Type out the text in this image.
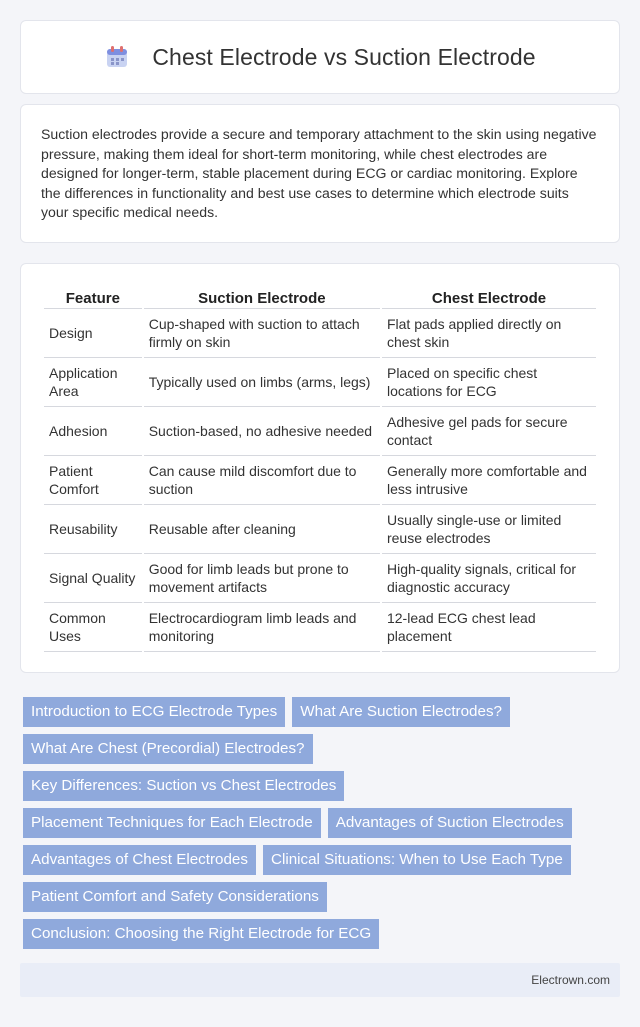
Chest Electrode vs Suction Electrode

Suction electrodes provide a secure and temporary attachment to the skin using negative pressure, making them ideal for short-term monitoring, while chest electrodes are designed for longer-term, stable placement during ECG or cardiac monitoring. Explore the differences in functionality and best use cases to determine which electrode suits your specific medical needs.

Feature	Suction Electrode	Chest Electrode
Design	Cup-shaped with suction to attach firmly on skin	Flat pads applied directly on chest skin
Application Area	Typically used on limbs (arms, legs)	Placed on specific chest locations for ECG
Adhesion	Suction-based, no adhesive needed	Adhesive gel pads for secure contact
Patient Comfort	Can cause mild discomfort due to suction	Generally more comfortable and less intrusive
Reusability	Reusable after cleaning	Usually single-use or limited reuse electrodes
Signal Quality	Good for limb leads but prone to movement artifacts	High-quality signals, critical for diagnostic accuracy
Common Uses	Electrocardiogram limb leads and monitoring	12-lead ECG chest lead placement
Introduction to ECG Electrode Types	What Are Suction Electrodes?
What Are Chest (Precordial) Electrodes?
Key Differences: Suction vs Chest Electrodes
Placement Techniques for Each Electrode	Advantages of Suction Electrodes
Advantages of Chest Electrodes	Clinical Situations: When to Use Each Type
Patient Comfort and Safety Considerations
Conclusion: Choosing the Right Electrode for ECG
Electrown.com
